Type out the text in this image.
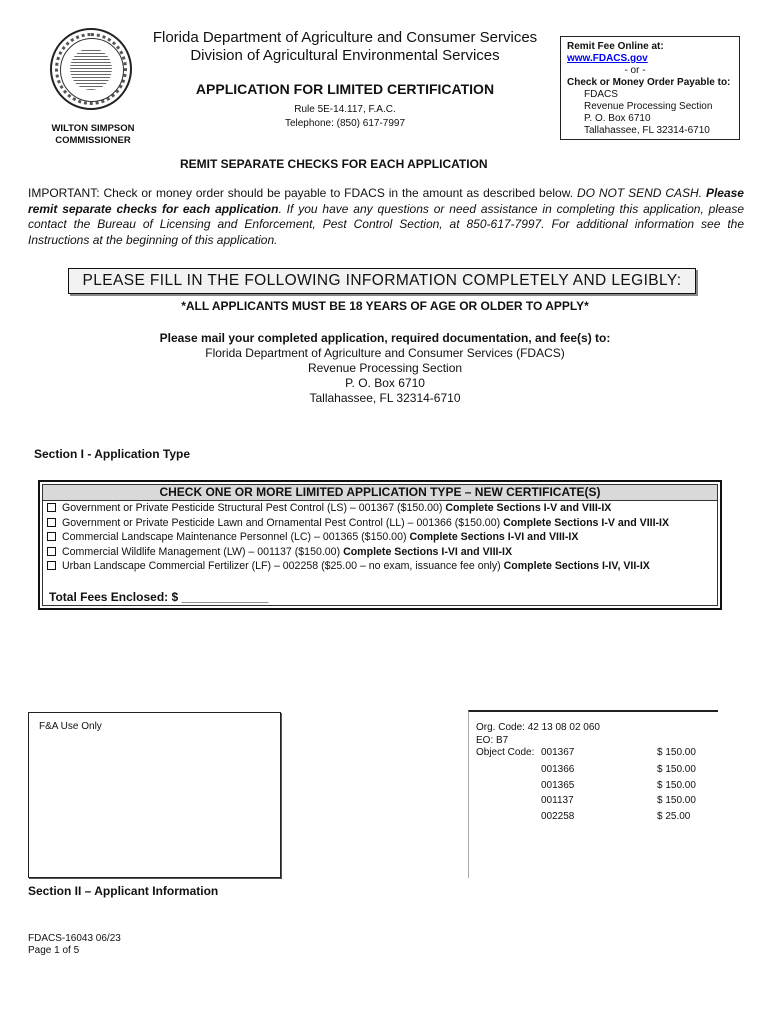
WILTON SIMPSON
COMMISSIONER
Florida Department of Agriculture and Consumer Services
Division of Agricultural Environmental Services
APPLICATION FOR LIMITED CERTIFICATION
Rule 5E-14.117, F.A.C.
Telephone: (850) 617-7997
Remit Fee Online at:
www.FDACS.gov
- or -
Check or Money Order Payable to:
FDACS
Revenue Processing Section
P. O. Box 6710
Tallahassee, FL 32314-6710
REMIT SEPARATE CHECKS FOR EACH APPLICATION
IMPORTANT: Check or money order should be payable to FDACS in the amount as described below. DO NOT SEND CASH. Please remit separate checks for each application. If you have any questions or need assistance in completing this application, please contact the Bureau of Licensing and Enforcement, Pest Control Section, at 850-617-7997. For additional information see the Instructions at the beginning of this application.
PLEASE FILL IN THE FOLLOWING INFORMATION COMPLETELY AND LEGIBLY:
*ALL APPLICANTS MUST BE 18 YEARS OF AGE OR OLDER TO APPLY*
Please mail your completed application, required documentation, and fee(s) to:
Florida Department of Agriculture and Consumer Services (FDACS)
Revenue Processing Section
P. O. Box 6710
Tallahassee, FL 32314-6710
Section I - Application Type
CHECK ONE OR MORE LIMITED APPLICATION TYPE – NEW CERTIFICATE(S)
Government or Private Pesticide Structural Pest Control (LS) – 001367 ($150.00) Complete Sections I-V and VIII-IX
Government or Private Pesticide Lawn and Ornamental Pest Control (LL) – 001366 ($150.00) Complete Sections I-V and VIII-IX
Commercial Landscape Maintenance Personnel (LC) – 001365 ($150.00) Complete Sections I-VI and VIII-IX
Commercial Wildlife Management (LW) – 001137 ($150.00) Complete Sections I-VI and VIII-IX
Urban Landscape Commercial Fertilizer (LF) – 002258 ($25.00 – no exam, issuance fee only) Complete Sections I-IV, VII-IX
Total Fees Enclosed: $ _____________
F&A Use Only	Org. Code: 42 13 08 02 060
EO: B7
Object Code: 001367	$ 150.00
001366	$ 150.00
001365	$ 150.00
001137	$ 150.00
002258	$ 25.00
Section II – Applicant Information
FDACS-16043 06/23
Page 1 of 5
